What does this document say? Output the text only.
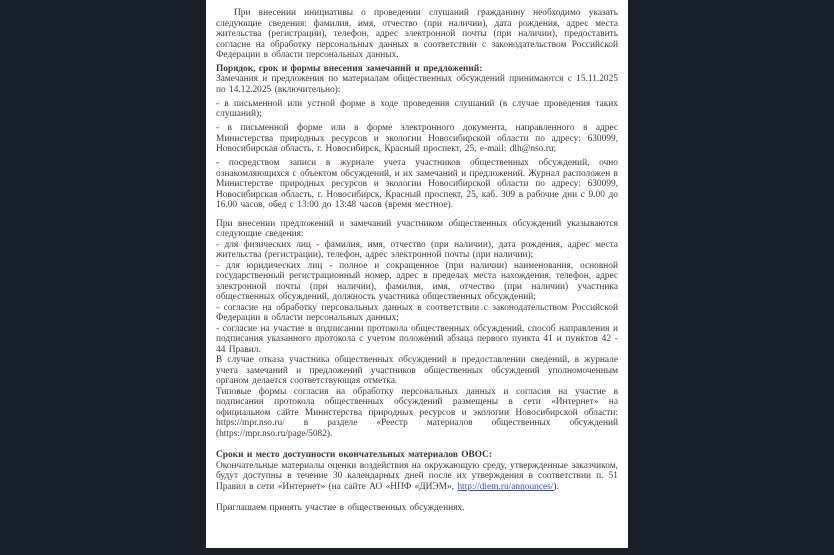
При внесении инициативы о проведении слушаний гражданину необходимо указать следующие сведения: фамилия, имя, отчество (при наличии), дата рождения, адрес места жительства (регистрации), телефон, адрес электронной почты (при наличии), предоставить согласие на обработку персональных данных в соответствии с законодательством Российской Федерации в области персональных данных.

Порядок, срок и формы внесения замечаний и предложений:

Замечания и предложения по материалам общественных обсуждений принимаются с 15.11.2025 по 14.12.2025 (включительно):

- в письменной или устной форме в ходе проведения слушаний (в случае проведения таких слушаний);

- в письменной форме или в форме электронного документа, направленного в адрес Министерства природных ресурсов и экологии Новосибирской области по адресу: 630099, Новосибирская область, г. Новосибирск, Красный проспект, 25, e-mail: dlh@nso.ru;

- посредством записи в журнале учета участников общественных обсуждений, очно ознакомляющихся с объектом обсуждений, и их замечаний и предложений. Журнал расположен в Министерстве природных ресурсов и экологии Новосибирской области по адресу: 630099, Новосибирская область, г. Новосибирск, Красный проспект, 25, каб. 309 в рабочие дни с 9.00 до 16.00 часов, обед с 13:00 до 13:48 часов (время местное).

При внесении предложений и замечаний участником общественных обсуждений указываются следующие сведения:

- для физических лиц - фамилия, имя, отчество (при наличии), дата рождения, адрес места жительства (регистрации), телефон, адрес электронной почты (при наличии);

- для юридических лиц - полное и сокращенное (при наличии) наименования, основной государственный регистрационный номер, адрес в пределах места нахождения, телефон, адрес электронной почты (при наличии), фамилия, имя, отчество (при наличии) участника общественных обсуждений, должность участника общественных обсуждений;

- согласие на обработку персональных данных в соответствии с законодательством Российской Федерации в области персональных данных;

- согласие на участие в подписании протокола общественных обсуждений, способ направления и подписания указанного протокола с учетом положений абзаца первого пункта 41 и пунктов 42 - 44 Правил.

В случае отказа участника общественных обсуждений в предоставлении сведений, в журнале учета замечаний и предложений участников общественных обсуждений уполномоченным органом делается соответствующая отметка.

Типовые формы согласия на обработку персональных данных и согласия на участие в подписании протокола общественных обсуждений размещены в сети «Интернет» на официальном сайте Министерства природных ресурсов и экологии Новосибирской области: https://mpr.nso.ru/ в разделе «Реестр материалов общественных обсуждений (https://mpr.nso.ru/page/5082).

Сроки и место доступности окончательных материалов ОВОС:

Окончательные материалы оценки воздействия на окружающую среду, утвержденные заказчиком, будут доступны в течение 30 календарных дней после их утверждения в соответствии п. 51 Правил в сети «Интернет» (на сайте АО «НПФ «ДИЭМ», http://diem.ru/announces/).

Приглашаем принять участие в общественных обсуждениях.
